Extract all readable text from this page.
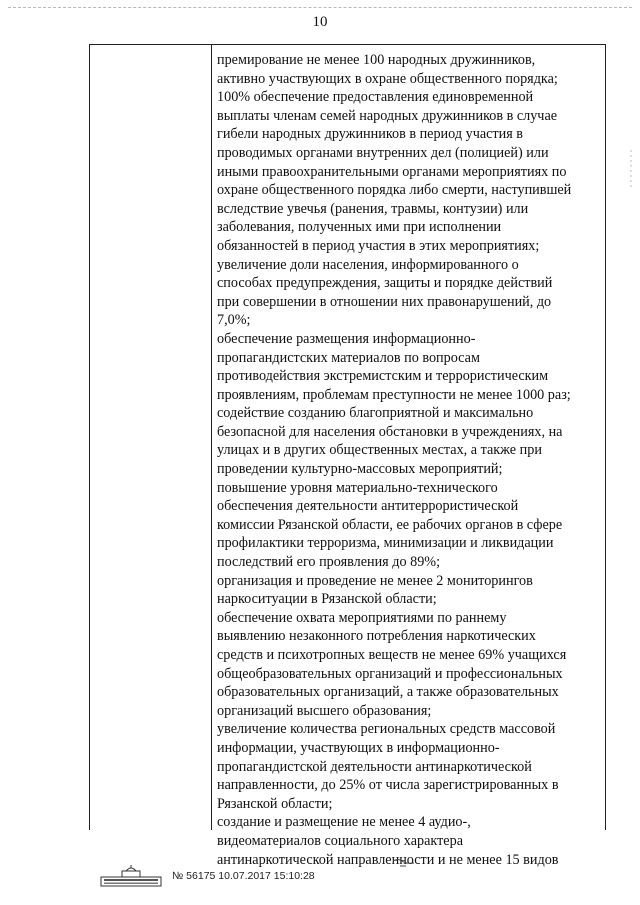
10
премирование не менее 100 народных дружинников,
активно участвующих в охране общественного порядка;
100% обеспечение предоставления единовременной
выплаты членам семей народных дружинников в случае
гибели народных дружинников в период участия в
проводимых органами внутренних дел (полицией) или
иными правоохранительными органами мероприятиях по
охране общественного порядка либо смерти, наступившей
вследствие увечья (ранения, травмы, контузии) или
заболевания, полученных ими при исполнении
обязанностей в период участия в этих мероприятиях;
увеличение доли населения, информированного о
способах предупреждения, защиты и порядке действий
при совершении в отношении них правонарушений, до
7,0%;
обеспечение размещения информационно-
пропагандистских материалов по вопросам
противодействия экстремистским и террористическим
проявлениям, проблемам преступности не менее 1000 раз;
содействие созданию благоприятной и максимально
безопасной для населения обстановки в учреждениях, на
улицах и в других общественных местах, а также при
проведении культурно-массовых мероприятий;
повышение уровня материально-технического
обеспечения деятельности антитеррористической
комиссии Рязанской области, ее рабочих органов в сфере
профилактики терроризма, минимизации и ликвидации
последствий его проявления до 89%;
организация и проведение не менее 2 мониторингов
наркоситуации в Рязанской области;
обеспечение охвата мероприятиями по раннему
выявлению незаконного потребления наркотических
средств и психотропных веществ не менее 69% учащихся
общеобразовательных организаций и профессиональных
образовательных организаций, а также образовательных
организаций высшего образования;
увеличение количества региональных средств массовой
информации, участвующих в информационно-
пропагандистской деятельности антинаркотической
направленности, до 25% от числа зарегистрированных в
Рязанской области;
создание и размещение не менее 4 аудио-,
видеоматериалов социального характера
антинаркотической направленности и не менее 15 видов
№ 56175 10.07.2017 15:10:28
